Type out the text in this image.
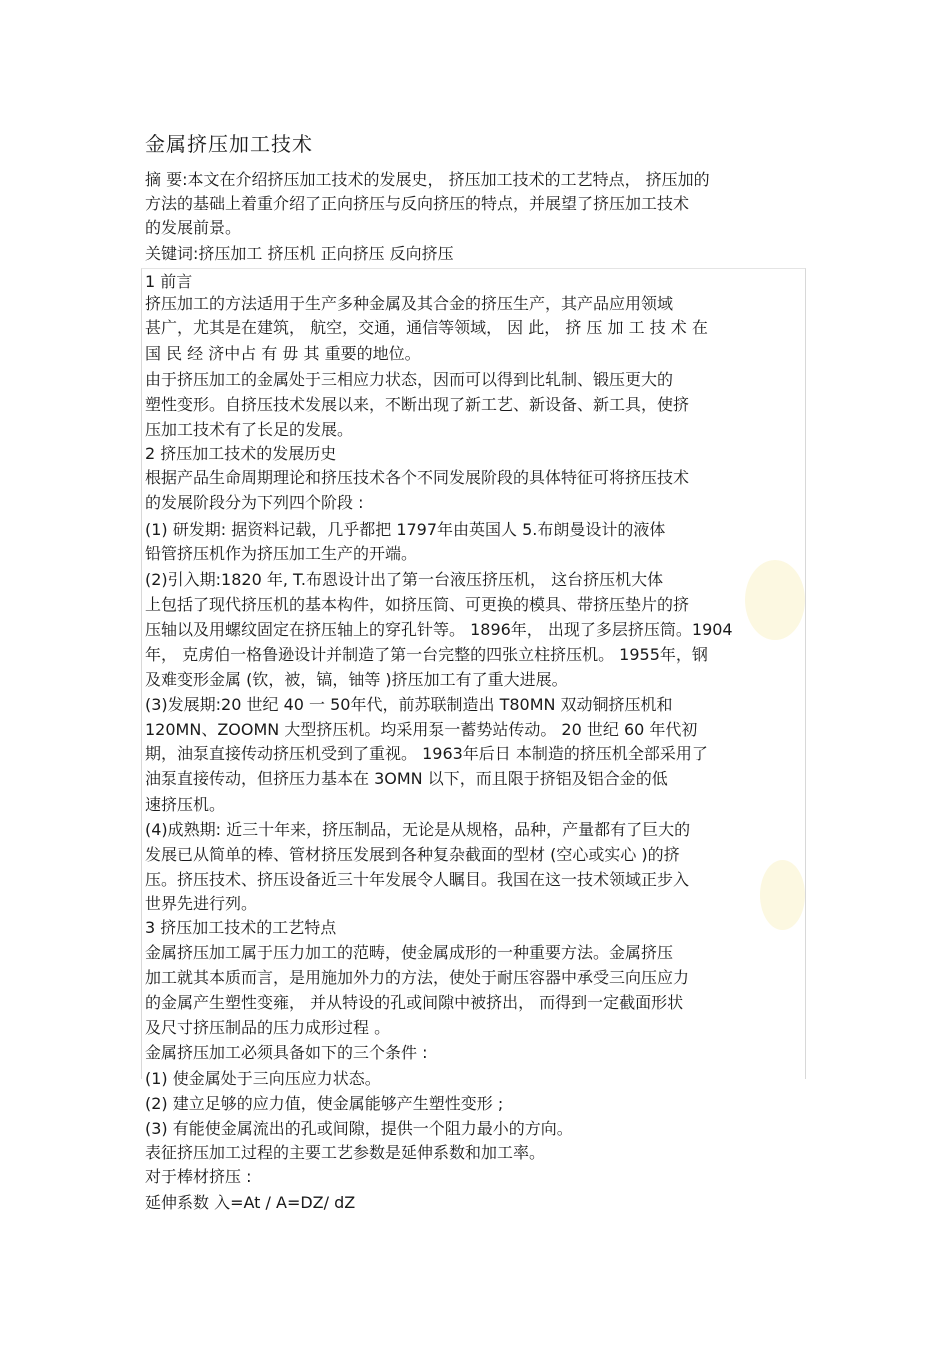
金属挤压加工技术
摘 要:本文在介绍挤压加工技术的发展史， 挤压加工技术的工艺特点， 挤压加的
方法的基础上着重介绍了正向挤压与反向挤压的特点，并展望了挤压加工技术
的发展前景。
关键词:挤压加工 挤压机 正向挤压 反向挤压
1 前言
挤压加工的方法适用于生产多种金属及其合金的挤压生产，其产品应用领域
甚广，尤其是在建筑， 航空，交通，通信等领域， 因 此， 挤 压 加 工 技 术 在
国 民 经 济中占 有 毋 其 重要的地位。
由于挤压加工的金属处于三相应力状态，因而可以得到比轧制、锻压更大的
塑性变形。自挤压技术发展以来，不断出现了新工艺、新设备、新工具，使挤
压加工技术有了长足的发展。
2 挤压加工技术的发展历史
根据产品生命周期理论和挤压技术各个不同发展阶段的具体特征可将挤压技术
的发展阶段分为下列四个阶段 :
(1) 研发期: 据资料记载，几乎都把 1797年由英国人 5.布朗曼设计的液体
铅管挤压机作为挤压加工生产的开端。
(2)引入期:1820 年, T.布恩设计出了第一台液压挤压机， 这台挤压机大体
上包括了现代挤压机的基本构件，如挤压筒、可更换的模具、带挤压垫片的挤
压轴以及用螺纹固定在挤压轴上的穿孔针等。 1896年， 出现了多层挤压筒。1904
年， 克虏伯一格鲁逊设计并制造了第一台完整的四张立柱挤压机。 1955年，钢
及难变形金属 (钦，被，镐，铀等 )挤压加工有了重大进展。
(3)发展期:20 世纪 40 一 50年代，前苏联制造出 T80MN 双动铜挤压机和
120MN、ZOOMN 大型挤压机。均采用泵一蓄势站传动。 20 世纪 60 年代初
期，油泵直接传动挤压机受到了重视。 1963年后日 本制造的挤压机全部采用了
油泵直接传动，但挤压力基本在 3OMN 以下，而且限于挤铝及铝合金的低
速挤压机。
(4)成熟期: 近三十年来，挤压制品，无论是从规格，品种，产量都有了巨大的
发展已从简单的棒、管材挤压发展到各种复杂截面的型材 (空心或实心 )的挤
压。挤压技术、挤压设备近三十年发展令人瞩目。我国在这一技术领域正步入
世界先进行列。
3 挤压加工技术的工艺特点
金属挤压加工属于压力加工的范畴，使金属成形的一种重要方法。金属挤压
加工就其本质而言，是用施加外力的方法，使处于耐压容器中承受三向压应力
的金属产生塑性变雍， 并从特设的孔或间隙中被挤出， 而得到一定截面形状
及尺寸挤压制品的压力成形过程 。
金属挤压加工必须具备如下的三个条件 :
(1) 使金属处于三向压应力状态。
(2) 建立足够的应力值，使金属能够产生塑性变形 ;
(3) 有能使金属流出的孔或间隙，提供一个阻力最小的方向。
表征挤压加工过程的主要工艺参数是延伸系数和加工率。
对于棒材挤压 :
延伸系数 入=At / A=DZ/ dZ
